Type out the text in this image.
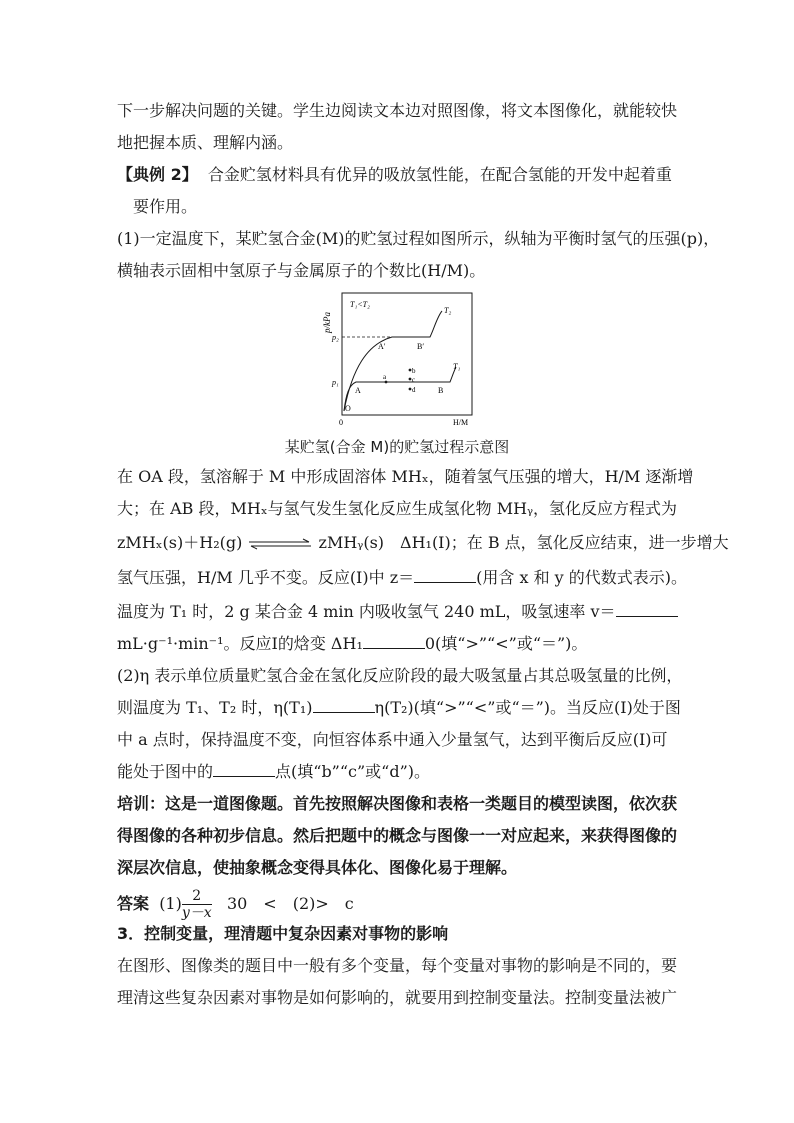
下一步解决问题的关键。学生边阅读文本边对照图像，将文本图像化，就能较快
地把握本质、理解内涵。
【典例 2】 合金贮氢材料具有优异的吸放氢性能，在配合氢能的开发中起着重
要作用。
(1)一定温度下，某贮氢合金(M)的贮氢过程如图所示，纵轴为平衡时氢气的压强(p)，
横轴表示固相中氢原子与金属原子的个数比(H/M)。
p/kPa
T₁<T₂
p₂
p₁
0	H/M
O
A	B
A′	B′
T₂
T₁
a
b
c
d
某贮氢(合金 M)的贮氢过程示意图
在 OA 段，氢溶解于 M 中形成固溶体 MHₓ，随着氢气压强的增大，H/M 逐渐增
大；在 AB 段，MHₓ与氢气发生氢化反应生成氢化物 MHᵧ，氢化反应方程式为
zMHₓ(s)＋H₂(g)	zMHᵧ(s)　ΔH₁(Ⅰ)；在 B 点，氢化反应结束，进一步增大
氢气压强，H/M 几乎不变。反应(Ⅰ)中 z＝	(用含 x 和 y 的代数式表示)。
温度为 T₁ 时，2 g 某合金 4 min 内吸收氢气 240 mL，吸氢速率 v＝
mL·g⁻¹·min⁻¹。反应Ⅰ的焓变 ΔH₁	0(填“>”“<”或“＝”)。
(2)η 表示单位质量贮氢合金在氢化反应阶段的最大吸氢量占其总吸氢量的比例，
则温度为 T₁、T₂ 时，η(T₁)	η(T₂)(填“>”“<”或“＝”)。当反应(Ⅰ)处于图
中 a 点时，保持温度不变，向恒容体系中通入少量氢气，达到平衡后反应(Ⅰ)可
能处于图中的	点(填“b”“c”或“d”)。
培训：这是一道图像题。首先按照解决图像和表格一类题目的模型读图，依次获
得图像的各种初步信息。然后把题中的概念与图像一一对应起来，来获得图像的
深层次信息，使抽象概念变得具体化、图像化易于理解。
答案 $(1) \frac{2}{y-x} 30$　<　(2)>　c
3．控制变量，理清题中复杂因素对事物的影响
在图形、图像类的题目中一般有多个变量，每个变量对事物的影响是不同的，要
理清这些复杂因素对事物是如何影响的，就要用到控制变量法。控制变量法被广
